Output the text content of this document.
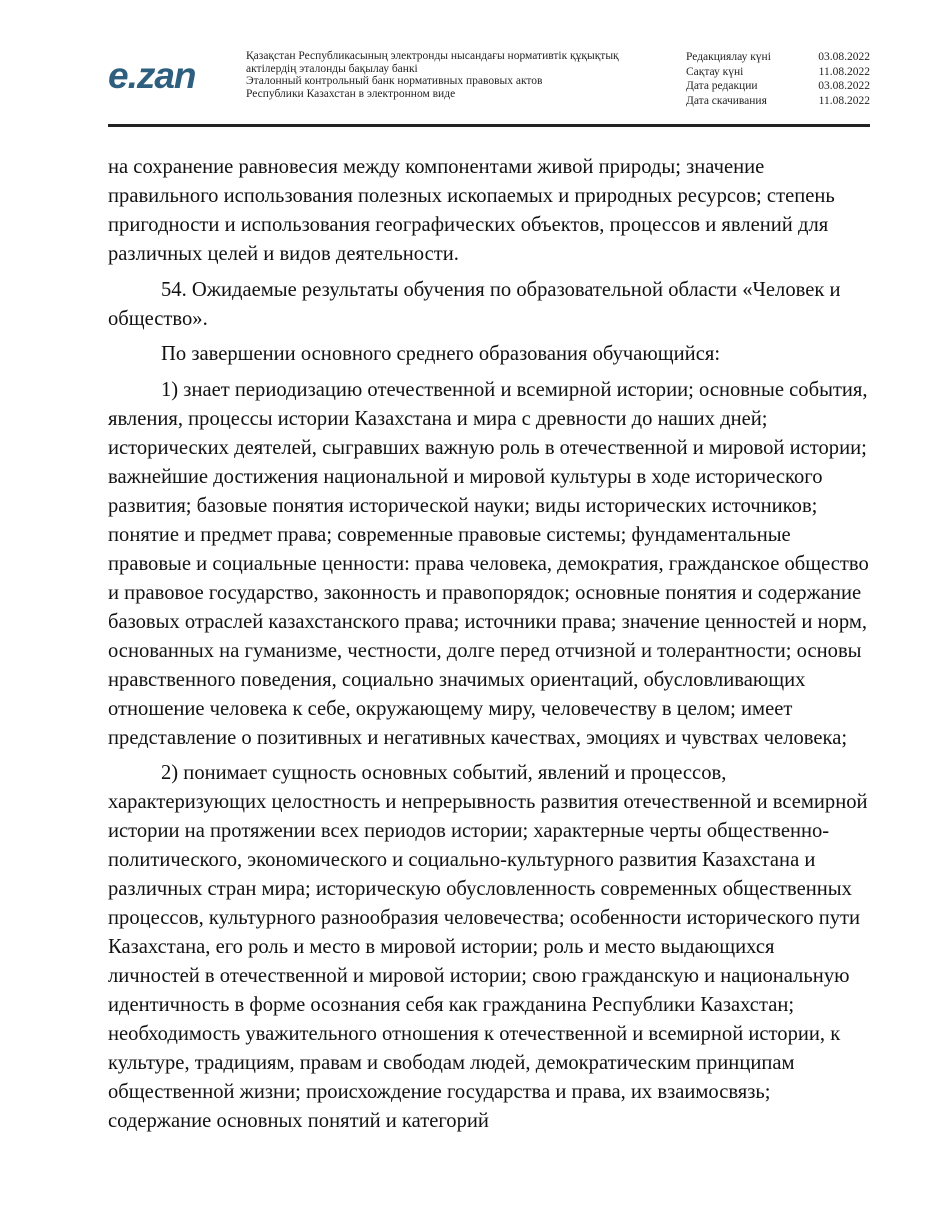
e.zan	Қазақстан Республикасының электронды нысандағы нормативтік құқықтық
актілердің эталонды бақылау банкі
Эталонный контрольный банк нормативных правовых актов
Республики Казахстан в электронном виде
Редакциялау күні	03.08.2022
Сақтау күні	11.08.2022
Дата редакции	03.08.2022
Дата скачивания	11.08.2022

на сохранение равновесия между компонентами живой природы; значение правильного использования полезных ископаемых и природных ресурсов; степень пригодности и использования географических объектов, процессов и явлений для различных целей и видов деятельности.

54. Ожидаемые результаты обучения по образовательной области «Человек и общество».

По завершении основного среднего образования обучающийся:

1) знает периодизацию отечественной и всемирной истории; основные события, явления, процессы истории Казахстана и мира с древности до наших дней; исторических деятелей, сыгравших важную роль в отечественной и мировой истории; важнейшие достижения национальной и мировой культуры в ходе исторического развития; базовые понятия исторической науки; виды исторических источников; понятие и предмет права; современные правовые системы; фундаментальные правовые и социальные ценности: права человека, демократия, гражданское общество и правовое государство, законность и правопорядок; основные понятия и содержание базовых отраслей казахстанского права; источники права; значение ценностей и норм, основанных на гуманизме, честности, долге перед отчизной и толерантности; основы нравственного поведения, социально значимых ориентаций, обусловливающих отношение человека к себе, окружающему миру, человечеству в целом; имеет представление о позитивных и негативных качествах, эмоциях и чувствах человека;

2) понимает сущность основных событий, явлений и процессов, характеризующих целостность и непрерывность развития отечественной и всемирной истории на протяжении всех периодов истории; характерные черты общественно-политического, экономического и социально-культурного развития Казахстана и различных стран мира; историческую обусловленность современных общественных процессов, культурного разнообразия человечества; особенности исторического пути Казахстана, его роль и место в мировой истории; роль и место выдающихся личностей в отечественной и мировой истории; свою гражданскую и национальную идентичность в форме осознания себя как гражданина Республики Казахстан; необходимость уважительного отношения к отечественной и всемирной истории, к культуре, традициям, правам и свободам людей, демократическим принципам общественной жизни; происхождение государства и права, их взаимосвязь; содержание основных понятий и категорий
